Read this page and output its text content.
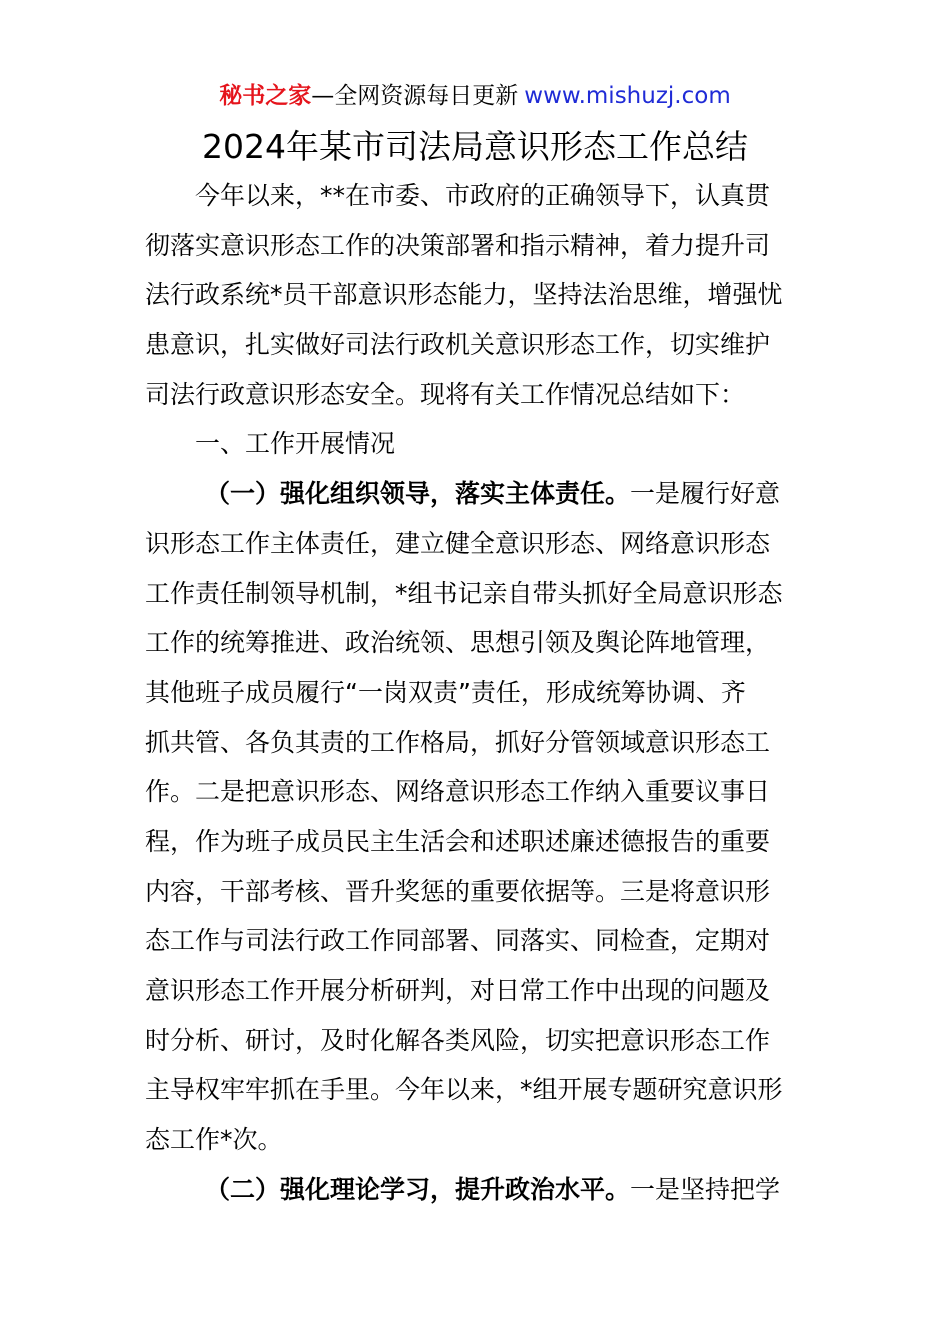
秘书之家—全网资源每日更新 www.mishuzj.com
2024年某市司法局意识形态工作总结
今年以来，**在市委、市政府的正确领导下，认真贯
彻落实意识形态工作的决策部署和指示精神，着力提升司
法行政系统*员干部意识形态能力，坚持法治思维，增强忧
患意识，扎实做好司法行政机关意识形态工作，切实维护
司法行政意识形态安全。现将有关工作情况总结如下：
一、工作开展情况
（一）强化组织领导，落实主体责任。一是履行好意
识形态工作主体责任，建立健全意识形态、网络意识形态
工作责任制领导机制，*组书记亲自带头抓好全局意识形态
工作的统筹推进、政治统领、思想引领及舆论阵地管理，
其他班子成员履行“一岗双责”责任，形成统筹协调、齐
抓共管、各负其责的工作格局，抓好分管领域意识形态工
作。二是把意识形态、网络意识形态工作纳入重要议事日
程，作为班子成员民主生活会和述职述廉述德报告的重要
内容，干部考核、晋升奖惩的重要依据等。三是将意识形
态工作与司法行政工作同部署、同落实、同检查，定期对
意识形态工作开展分析研判，对日常工作中出现的问题及
时分析、研讨，及时化解各类风险，切实把意识形态工作
主导权牢牢抓在手里。今年以来，*组开展专题研究意识形
态工作*次。
（二）强化理论学习，提升政治水平。一是坚持把学
